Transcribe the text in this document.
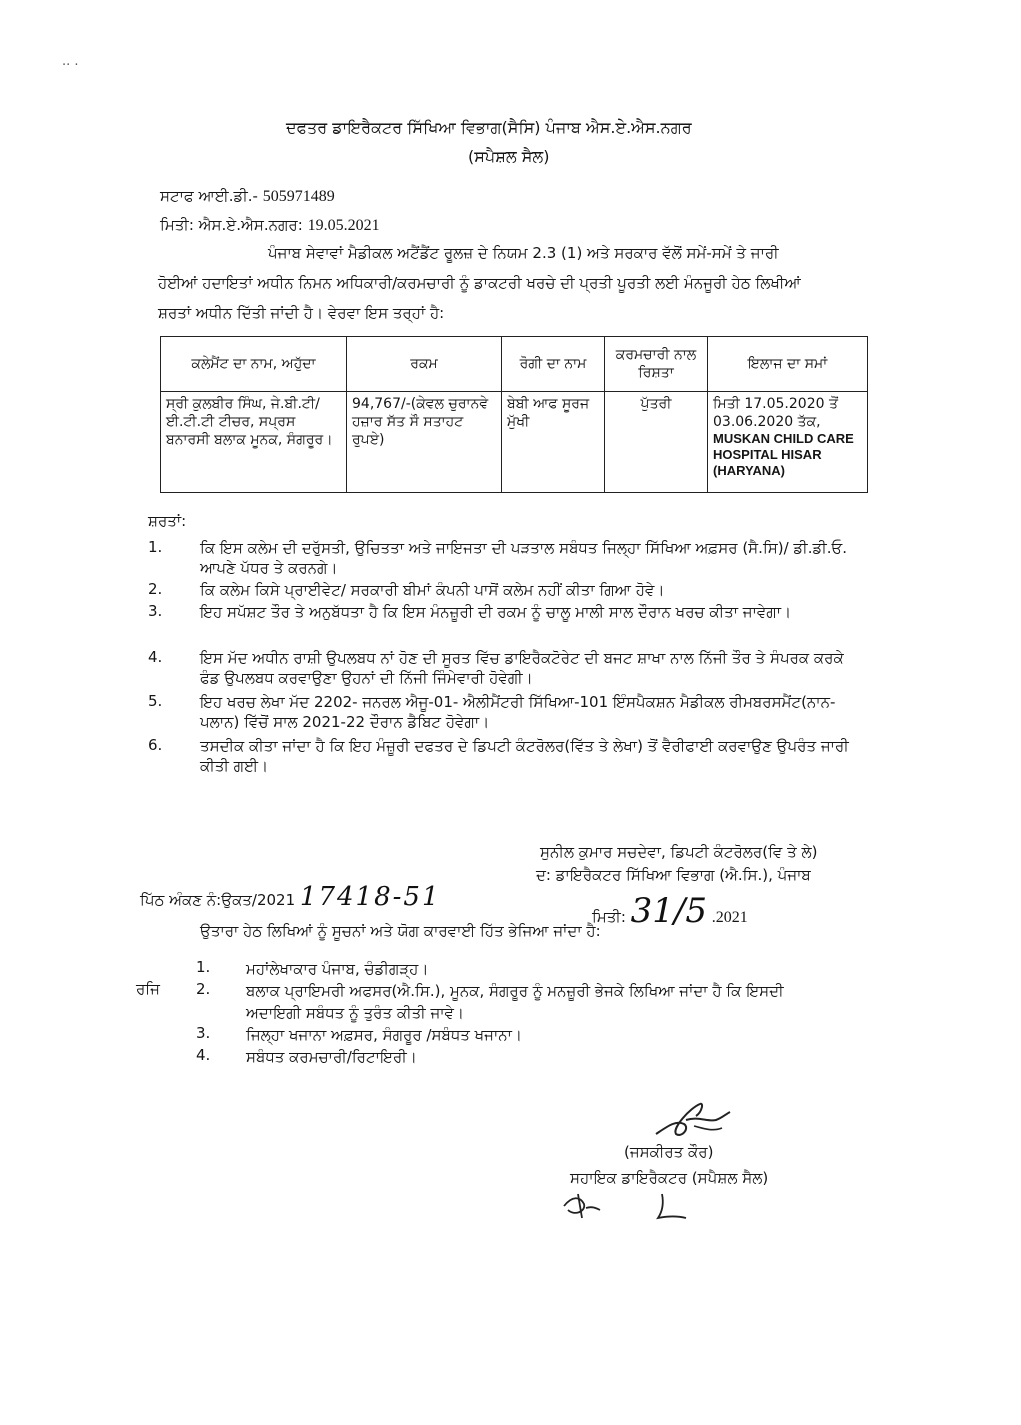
·· ·
ਦਫਤਰ ਡਾਇਰੈਕਟਰ ਸਿੱਖਿਆ ਵਿਭਾਗ(ਸੈਸਿ) ਪੰਜਾਬ ਐਸ.ਏ.ਐਸ.ਨਗਰ
(ਸਪੈਸ਼ਲ ਸੈਲ)
ਸਟਾਫ ਆਈ.ਡੀ.- 505971489
ਮਿਤੀ: ਐਸ.ਏ.ਐਸ.ਨਗਰ: 19.05.2021
ਪੰਜਾਬ ਸੇਵਾਵਾਂ ਮੈਡੀਕਲ ਅਟੈਂਡੈਂਟ ਰੂਲਜ਼ ਦੇ ਨਿਯਮ 2.3 (1) ਅਤੇ ਸਰਕਾਰ ਵੱਲੋਂ ਸਮੇਂ-ਸਮੇਂ ਤੇ ਜਾਰੀ
ਹੋਈਆਂ ਹਦਾਇਤਾਂ ਅਧੀਨ ਨਿਮਨ ਅਧਿਕਾਰੀ/ਕਰਮਚਾਰੀ ਨੂੰ ਡਾਕਟਰੀ ਖਰਚੇ ਦੀ ਪ੍ਰਤੀ ਪੂਰਤੀ ਲਈ ਮੰਨਜੂਰੀ ਹੇਠ ਲਿਖੀਆਂ
ਸ਼ਰਤਾਂ ਅਧੀਨ ਦਿੱਤੀ ਜਾਂਦੀ ਹੈ। ਵੇਰਵਾ ਇਸ ਤਰ੍ਹਾਂ ਹੈ:
ਕਲੇਮੈਂਟ ਦਾ ਨਾਮ, ਅਹੁੱਦਾ	ਰਕਮ	ਰੋਗੀ ਦਾ ਨਾਮ	ਕਰਮਚਾਰੀ ਨਾਲ ਰਿਸ਼ਤਾ	ਇਲਾਜ ਦਾ ਸਮਾਂ
ਸ੍ਰੀ ਕੁਲਬੀਰ ਸਿੰਘ, ਜੇ.ਬੀ.ਟੀ/ਈ.ਟੀ.ਟੀ ਟੀਚਰ, ਸਪ੍ਰਸ ਬਨਾਰਸੀ ਬਲਾਕ ਮੂਨਕ, ਸੰਗਰੂਰ।	94,767/-(ਕੇਵਲ ਚੁਰਾਨਵੇ ਹਜ਼ਾਰ ਸੱਤ ਸੌ ਸਤਾਹਟ ਰੁਪਏ)	ਬੇਬੀ ਆਫ ਸੂਰਜ ਮੁੱਖੀ	ਪੁੱਤਰੀ	ਮਿਤੀ 17.05.2020 ਤੋਂ 03.06.2020 ਤੱਕ,
MUSKAN CHILD CARE HOSPITAL HISAR (HARYANA)
ਸ਼ਰਤਾਂ:
1.	ਕਿ ਇਸ ਕਲੇਮ ਦੀ ਦਰੁੱਸਤੀ, ਉਚਿਤਤਾ ਅਤੇ ਜਾਇਜਤਾ ਦੀ ਪੜਤਾਲ ਸਬੰਧਤ ਜਿਲ੍ਹਾ ਸਿੱਖਿਆ ਅਫ਼ਸਰ (ਸੈ.ਸਿ)/ ਡੀ.ਡੀ.ਓ. ਆਪਣੇ ਪੱਧਰ ਤੇ ਕਰਨਗੇ।
2.	ਕਿ ਕਲੇਮ ਕਿਸੇ ਪ੍ਰਾਈਵੇਟ/ ਸਰਕਾਰੀ ਬੀਮਾਂ ਕੰਪਨੀ ਪਾਸੋਂ ਕਲੇਮ ਨਹੀਂ ਕੀਤਾ ਗਿਆ ਹੋਵੇ।
3.	ਇਹ ਸਪੱਸ਼ਟ ਤੌਰ ਤੇ ਅਨੁਬੱਧਤਾ ਹੈ ਕਿ ਇਸ ਮੰਨਜ਼ੂਰੀ ਦੀ ਰਕਮ ਨੂੰ ਚਾਲੂ ਮਾਲੀ ਸਾਲ ਦੌਰਾਨ ਖਰਚ ਕੀਤਾ ਜਾਵੇਗਾ।
4.	ਇਸ ਮੱਦ ਅਧੀਨ ਰਾਸ਼ੀ ਉਪਲਬਧ ਨਾਂ ਹੋਣ ਦੀ ਸੂਰਤ ਵਿੱਚ ਡਾਇਰੈਕਟੋਰੇਟ ਦੀ ਬਜਟ ਸ਼ਾਖਾ ਨਾਲ ਨਿੱਜੀ ਤੌਰ ਤੇ ਸੰਪਰਕ ਕਰਕੇ ਫੰਡ ਉਪਲਬਧ ਕਰਵਾਉਣਾ ਉਹਨਾਂ ਦੀ ਨਿੱਜੀ ਜਿੰਮੇਵਾਰੀ ਹੋਵੇਗੀ।
5.	ਇਹ ਖਰਚ ਲੇਖਾ ਮੱਦ 2202- ਜਨਰਲ ਐਜੂ-01- ਐਲੀਮੈਂਟਰੀ ਸਿੱਖਿਆ-101 ਇੰਸਪੈਕਸ਼ਨ ਮੈਡੀਕਲ ਰੀਮਬਰਸਮੈਂਟ(ਨਾਨ-ਪਲਾਨ) ਵਿੱਚੋਂ ਸਾਲ 2021-22 ਦੌਰਾਨ ਡੈਬਿਟ ਹੋਵੇਗਾ।
6.	ਤਸਦੀਕ ਕੀਤਾ ਜਾਂਦਾ ਹੈ ਕਿ ਇਹ ਮੰਜ਼ੂਰੀ ਦਫਤਰ ਦੇ ਡਿਪਟੀ ਕੰਟਰੋਲਰ(ਵਿੱਤ ਤੇ ਲੇਖਾ) ਤੋਂ ਵੈਰੀਫਾਈ ਕਰਵਾਉਣ ਉਪਰੰਤ ਜਾਰੀ ਕੀਤੀ ਗਈ।
ਸੁਨੀਲ ਕੁਮਾਰ ਸਚਦੇਵਾ, ਡਿਪਟੀ ਕੰਟਰੋਲਰ(ਵਿ ਤੇ ਲੇ)
ਦ: ਡਾਇਰੈਕਟਰ ਸਿੱਖਿਆ ਵਿਭਾਗ (ਐ.ਸਿ.), ਪੰਜਾਬ
ਪਿੱਠ ਅੰਕਣ ਨੰ:ਉਕਤ/2021 17418-51
ਮਿਤੀ: 31/5 .2021
ਉਤਾਰਾ ਹੇਠ ਲਿਖਿਆਂ ਨੂੰ ਸੂਚਨਾਂ ਅਤੇ ਯੋਗ ਕਾਰਵਾਈ ਹਿੱਤ ਭੇਜਿਆ ਜਾਂਦਾ ਹੈ:
ਰਜਿ
1. ਮਹਾਂਲੇਖਾਕਾਰ ਪੰਜਾਬ, ਚੰਡੀਗੜ੍ਹ।
2. ਬਲਾਕ ਪ੍ਰਾਇਮਰੀ ਅਫਸਰ(ਐ.ਸਿ.), ਮੂਨਕ, ਸੰਗਰੂਰ ਨੂੰ ਮਨਜ਼ੂਰੀ ਭੇਜਕੇ ਲਿਖਿਆ ਜਾਂਦਾ ਹੈ ਕਿ ਇਸਦੀ
ਅਦਾਇਗੀ ਸਬੰਧਤ ਨੂੰ ਤੁਰੰਤ ਕੀਤੀ ਜਾਵੇ।
3. ਜਿਲ੍ਹਾ ਖਜਾਨਾ ਅਫ਼ਸਰ, ਸੰਗਰੂਰ /ਸਬੰਧਤ ਖਜਾਨਾ।
4. ਸਬੰਧਤ ਕਰਮਚਾਰੀ/ਰਿਟਾਇਰੀ।
(ਜਸਕੀਰਤ ਕੌਰ)
ਸਹਾਇਕ ਡਾਇਰੈਕਟਰ (ਸਪੈਸ਼ਲ ਸੈਲ)
